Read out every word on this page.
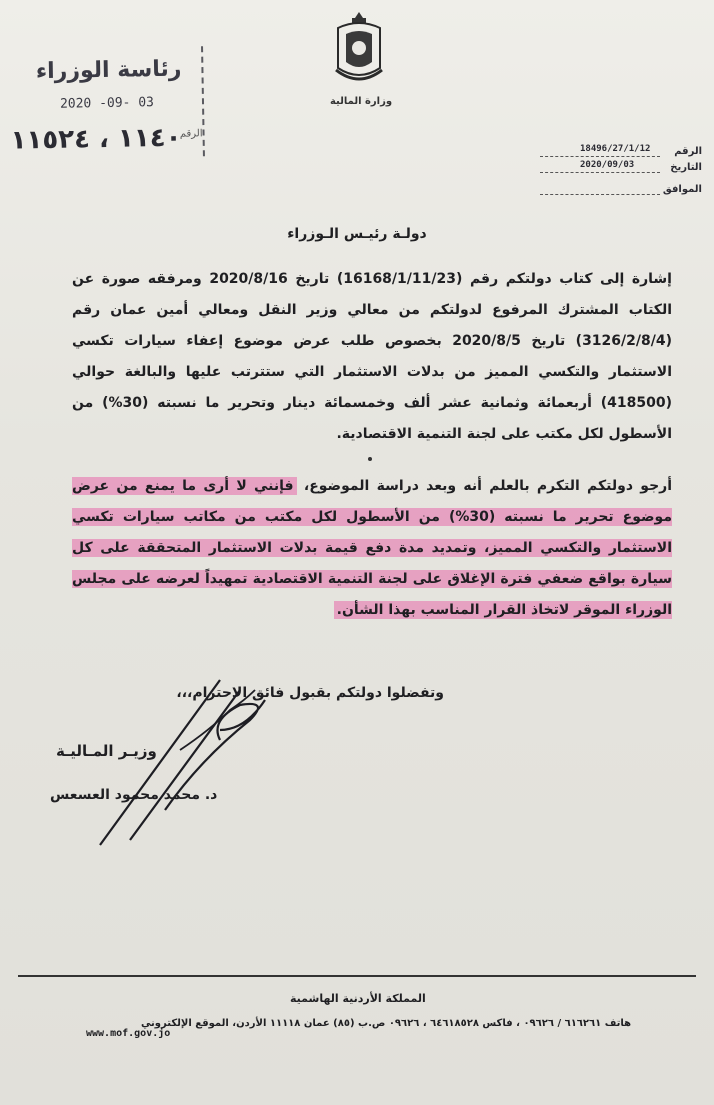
رئاسة الوزراء
2020 -09- 03
١١٤٠ ، ١١٥٢٤
الرقم
وزارة المالية
الرقم
18496/27/1/12
التاريخ
2020/09/03
الموافق
دولـة رئيـس الـوزراء
إشارة إلى كتاب دولتكم رقم (16168/1/11/23) تاريخ 2020/8/16 ومرفقه صورة عن الكتاب المشترك المرفوع لدولتكم من معالي وزير النقل ومعالي أمين عمان رقم (3126/2/8/4) تاريخ 2020/8/5 بخصوص طلب عرض موضوع إعفاء سيارات تكسي الاستثمار والتكسي المميز من بدلات الاستثمار التي ستترتب عليها والبالغة حوالي (418500) أربعمائة وثمانية عشر ألف وخمسمائة دينار وتحرير ما نسبته (30%) من الأسطول لكل مكتب على لجنة التنمية الاقتصادية.
أرجو دولتكم التكرم بالعلم أنه وبعد دراسة الموضوع، فإنني لا أرى ما يمنع من عرض موضوع تحرير ما نسبته (30%) من الأسطول لكل مكتب من مكاتب سيارات تكسي الاستثمار والتكسي المميز، وتمديد مدة دفع قيمة بدلات الاستثمار المتحققة على كل سيارة بواقع ضعفي فترة الإغلاق على لجنة التنمية الاقتصادية تمهيداً لعرضه على مجلس الوزراء الموقر لاتخاذ القرار المناسب بهذا الشأن.
وتفضلوا دولتكم بقبول فائق الاحترام،،،
وزيـر المـاليـة
د. محمد محمود العسعس
المملكة الأردنية الهاشمية
هاتف ٦١٦٢٦١ / ٠٩٦٢٦ ، فاكس ٦٤٦١٨٥٢٨ ، ٠٩٦٢٦ ص.ب (٨٥) عمان ١١١١٨ الأردن، الموقع الإلكتروني
www.mof.gov.jo
